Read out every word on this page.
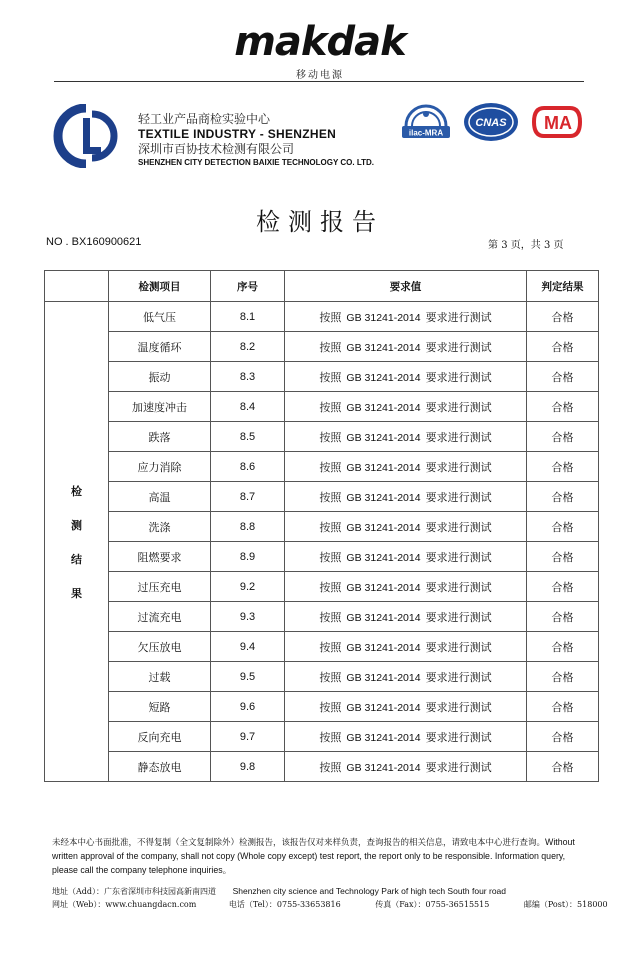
makdak
移动电源
轻工业产品商检实验中心
TEXTILE INDUSTRY - SHENZHEN
深圳市百协技术检测有限公司
SHENZHEN CITY DETECTION BAIXIE TECHNOLOGY CO. LTD.
ilac-MRA
CNAS MA
检测报告
NO . BX160900621	第 3 页，共 3 页
	检测项目	序号	要求值	判定结果

检
测
结
果	低气压	8.1	按照 GB 31241-2014 要求进行测试	合格
	温度循环	8.2	按照 GB 31241-2014 要求进行测试	合格
	振动	8.3	按照 GB 31241-2014 要求进行测试	合格
	加速度冲击	8.4	按照 GB 31241-2014 要求进行测试	合格
	跌落	8.5	按照 GB 31241-2014 要求进行测试	合格
	应力消除	8.6	按照 GB 31241-2014 要求进行测试	合格
	高温	8.7	按照 GB 31241-2014 要求进行测试	合格
	洗涤	8.8	按照 GB 31241-2014 要求进行测试	合格
	阻燃要求	8.9	按照 GB 31241-2014 要求进行测试	合格
	过压充电	9.2	按照 GB 31241-2014 要求进行测试	合格
	过流充电	9.3	按照 GB 31241-2014 要求进行测试	合格
	欠压放电	9.4	按照 GB 31241-2014 要求进行测试	合格
	过载	9.5	按照 GB 31241-2014 要求进行测试	合格
	短路	9.6	按照 GB 31241-2014 要求进行测试	合格
	反向充电	9.7	按照 GB 31241-2014 要求进行测试	合格
	静态放电	9.8	按照 GB 31241-2014 要求进行测试	合格
未经本中心书面批准，不得复制（全文复制除外）检测报告，该报告仅对来样负责，查询报告的相关信息，请致电本中心进行查询。Without written approval of the company, shall not copy (Whole copy except) test report, the report only to be responsible. Information query, please call the company telephone inquiries。
地址（Add）：广东省深圳市科技园高新南四道 Shenzhen city science and Technology Park of high tech South four road
网址（Web）：www.chuangdacn.com	电话（Tel）：0755-33653816	传真（Fax）：0755-36515515	邮编（Post）：518000
